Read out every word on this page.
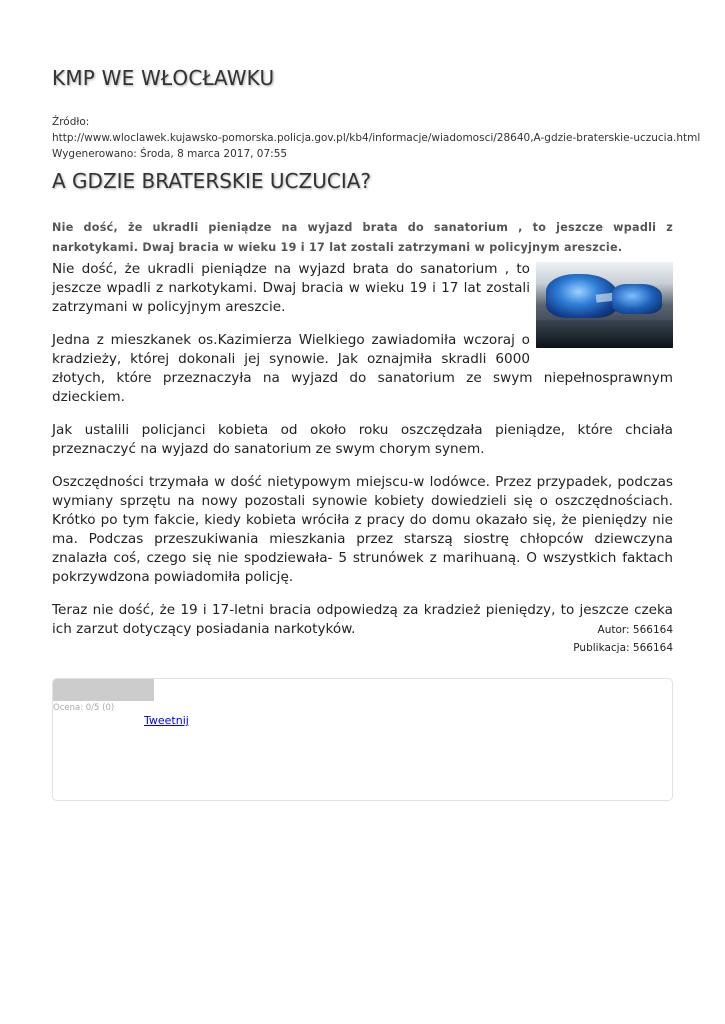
KMP WE WŁOCŁAWKU
Źródło:
http://www.wloclawek.kujawsko-pomorska.policja.gov.pl/kb4/informacje/wiadomosci/28640,A-gdzie-braterskie-uczucia.html
Wygenerowano: Środa, 8 marca 2017, 07:55
A GDZIE BRATERSKIE UCZUCIA?
Nie dość, że ukradli pieniądze na wyjazd brata do sanatorium , to jeszcze wpadli z narkotykami. Dwaj bracia w wieku 19 i 17 lat zostali zatrzymani w policyjnym areszcie.

Nie dość, że ukradli pieniądze na wyjazd brata do sanatorium , to jeszcze wpadli z narkotykami. Dwaj bracia w wieku 19 i 17 lat zostali zatrzymani w policyjnym areszcie.

Jedna z mieszkanek os.Kazimierza Wielkiego zawiadomiła wczoraj o kradzieży, której dokonali jej synowie. Jak oznajmiła skradli 6000 złotych, które przeznaczyła na wyjazd do sanatorium ze swym niepełnosprawnym dzieckiem.

Jak ustalili policjanci kobieta od około roku oszczędzała pieniądze, które chciała przeznaczyć na wyjazd do sanatorium ze swym chorym synem.

Oszczędności trzymała w dość nietypowym miejscu-w lodówce. Przez przypadek, podczas wymiany sprzętu na nowy pozostali synowie kobiety dowiedzieli się o oszczędnościach. Krótko po tym fakcie, kiedy kobieta wróciła z pracy do domu okazało się, że pieniędzy nie ma. Podczas przeszukiwania mieszkania przez starszą siostrę chłopców dziewczyna znalazła coś, czego się nie spodziewała- 5 strunówek z marihuaną. O wszystkich faktach pokrzywdzona powiadomiła policję.

Teraz nie dość, że 19 i 17-letni bracia odpowiedzą za kradzież pieniędzy, to jeszcze czeka ich zarzut dotyczący posiadania narkotyków.	Autor: 566164
Publikacja: 566164
Ocena: 0/5 (0)
Tweetnij
